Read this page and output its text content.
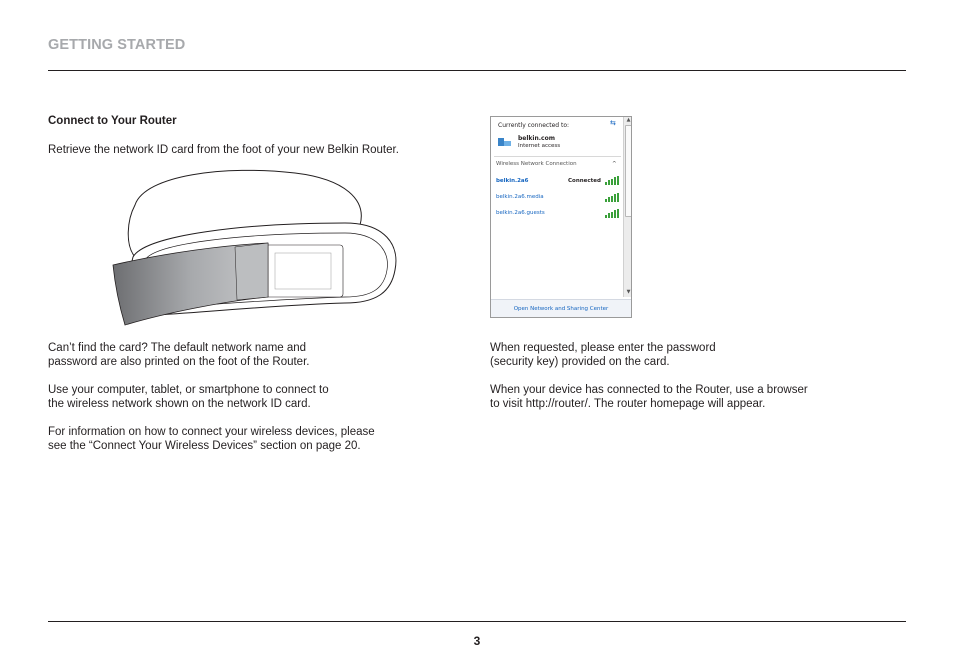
GETTING STARTED
Connect to Your Router
Retrieve the network ID card from the foot of your new Belkin Router.
Can’t find the card? The default network name and
password are also printed on the foot of the Router.
Use your computer, tablet, or smartphone to connect to
the wireless network shown on the network ID card.
For information on how to connect your wireless devices, please
see the “Connect Your Wireless Devices” section on page 20.
Currently connected to:	⇆
belkin.com
Internet access
Wireless Network Connection	^
belkin.2a6	Connected
belkin.2a6.media
belkin.2a6.guests
▲
▼
Open Network and Sharing Center
When requested, please enter the password
(security key) provided on the card.
When your device has connected to the Router, use a browser
to visit http://router/. The router homepage will appear.
3
